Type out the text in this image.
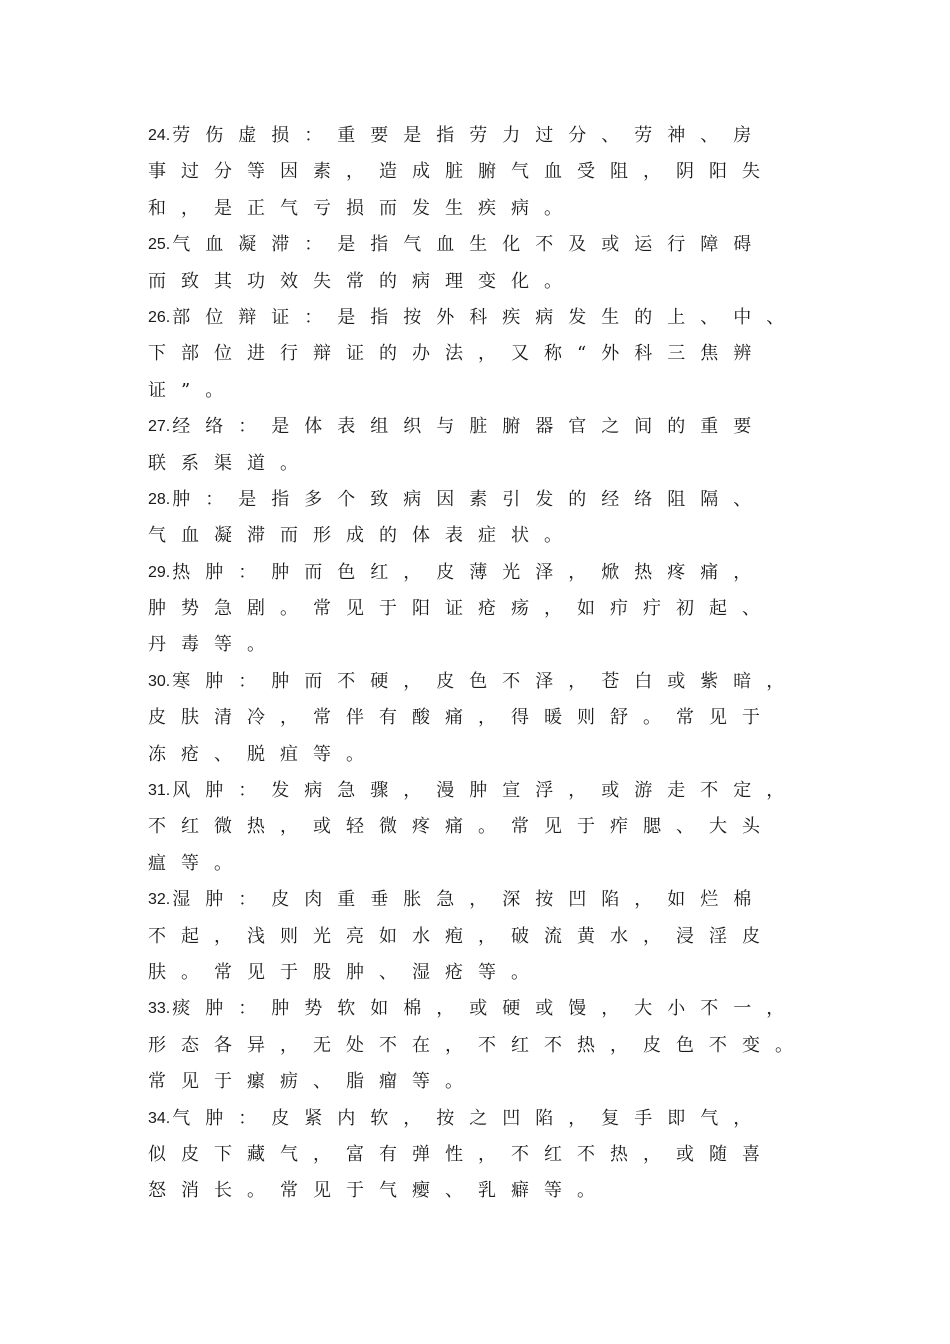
24. 劳伤虚损：重要是指劳力过分、劳神、房
事过分等因素，造成脏腑气血受阻，阴阳失
和，是正气亏损而发生疾病。
25. 气血凝滞：是指气血生化不及或运行障碍
而致其功效失常的病理变化。
26. 部位辩证：是指按外科疾病发生的上、中、
下部位进行辩证的办法，又称“外科三焦辨
证”。
27. 经络：是体表组织与脏腑器官之间的重要
联系渠道。
28. 肿：是指多个致病因素引发的经络阻隔、
气血凝滞而形成的体表症状。
29. 热肿：肿而色红，皮薄光泽，焮热疼痛，
肿势急剧。常见于阳证疮疡，如疖疔初起、
丹毒等。
30. 寒肿：肿而不硬，皮色不泽，苍白或紫暗，
皮肤清冷，常伴有酸痛，得暖则舒。常见于
冻疮、脱疽等。
31. 风肿：发病急骤，漫肿宣浮，或游走不定，
不红微热，或轻微疼痛。常见于痄腮、大头
瘟等。
32. 湿肿：皮肉重垂胀急，深按凹陷，如烂棉
不起，浅则光亮如水疱，破流黄水，浸淫皮
肤。常见于股肿、湿疮等。
33. 痰肿：肿势软如棉，或硬或馒，大小不一，
形态各异，无处不在，不红不热，皮色不变。
常见于瘰疬、脂瘤等。
34. 气肿：皮紧内软，按之凹陷，复手即气，
似皮下藏气，富有弹性，不红不热，或随喜
怒消长。常见于气瘿、乳癖等。
